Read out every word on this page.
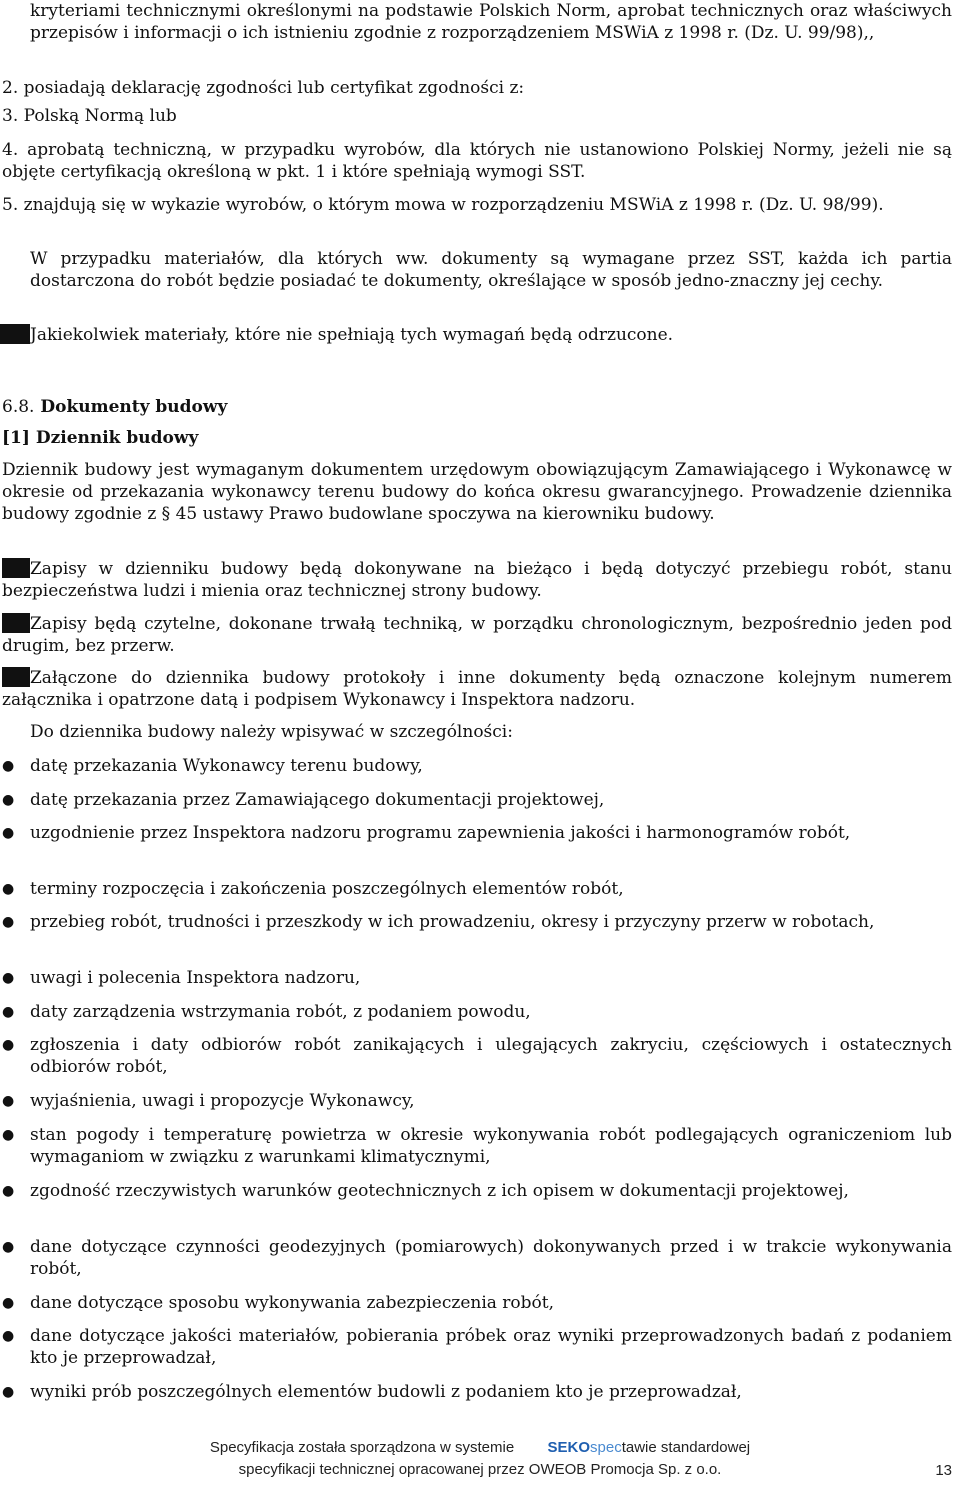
kryteriami technicznymi określonymi na podstawie Polskich Norm, aprobat technicznych oraz właściwych przepisów i informacji o ich istnieniu zgodnie z rozporządzeniem MSWiA z 1998 r. (Dz. U. 99/98),,

2. posiadają deklarację zgodności lub certyfikat zgodności z:

3. Polską Normą lub

4. aprobatą techniczną, w przypadku wyrobów, dla których nie ustanowiono Polskiej Normy, jeżeli nie są objęte certyfikacją określoną w pkt. 1 i które spełniają wymogi SST.

5. znajdują się w wykazie wyrobów, o którym mowa w rozporządzeniu MSWiA z 1998 r. (Dz. U. 98/99).

W przypadku materiałów, dla których ww. dokumenty są wymagane przez SST, każda ich partia dostarczona do robót będzie posiadać te dokumenty, określające w sposób jedno-znaczny jej cechy.

Jakiekolwiek materiały, które nie spełniają tych wymagań będą odrzucone.
6.8. Dokumenty budowy

[1] Dziennik budowy

Dziennik budowy jest wymaganym dokumentem urzędowym obowiązującym Zamawiającego i Wykonawcę w okresie od przekazania wykonawcy terenu budowy do końca okresu gwarancyjnego. Prowadzenie dziennika budowy zgodnie z § 45 ustawy Prawo budowlane spoczywa na kierowniku budowy.

Zapisy w dzienniku budowy będą dokonywane na bieżąco i będą dotyczyć przebiegu robót, stanu bezpieczeństwa ludzi i mienia oraz technicznej strony budowy.
Zapisy będą czytelne, dokonane trwałą techniką, w porządku chronologicznym, bezpośrednio jeden pod drugim, bez przerw.
Załączone do dziennika budowy protokoły i inne dokumenty będą oznaczone kolejnym numerem załącznika i opatrzone datą i podpisem Wykonawcy i Inspektora nadzoru.

Do dziennika budowy należy wpisywać w szczególności:

● datę przekazania Wykonawcy terenu budowy,
● datę przekazania przez Zamawiającego dokumentacji projektowej,
● uzgodnienie przez Inspektora nadzoru programu zapewnienia jakości i harmonogramów robót,
● terminy rozpoczęcia i zakończenia poszczególnych elementów robót,
● przebieg robót, trudności i przeszkody w ich prowadzeniu, okresy i przyczyny przerw w robotach,
● uwagi i polecenia Inspektora nadzoru,
● daty zarządzenia wstrzymania robót, z podaniem powodu,
● zgłoszenia i daty odbiorów robót zanikających i ulegających zakryciu, częściowych i ostatecznych odbiorów robót,
● wyjaśnienia, uwagi i propozycje Wykonawcy,
● stan pogody i temperaturę powietrza w okresie wykonywania robót podlegających ograniczeniom lub wymaganiom w związku z warunkami klimatycznymi,
● zgodność rzeczywistych warunków geotechnicznych z ich opisem w dokumentacji projektowej,
● dane dotyczące czynności geodezyjnych (pomiarowych) dokonywanych przed i w trakcie wykonywania robót,
● dane dotyczące sposobu wykonywania zabezpieczenia robót,
● dane dotyczące jakości materiałów, pobierania próbek oraz wyniki przeprowadzonych badań z podaniem kto je przeprowadzał,
● wyniki prób poszczególnych elementów budowli z podaniem kto je przeprowadzał,
Specyfikacja została sporządzona w systemie SEKOspectawie standardowej
specyfikacji technicznej opracowanej przez OWEOB Promocja Sp. z o.o.	13
